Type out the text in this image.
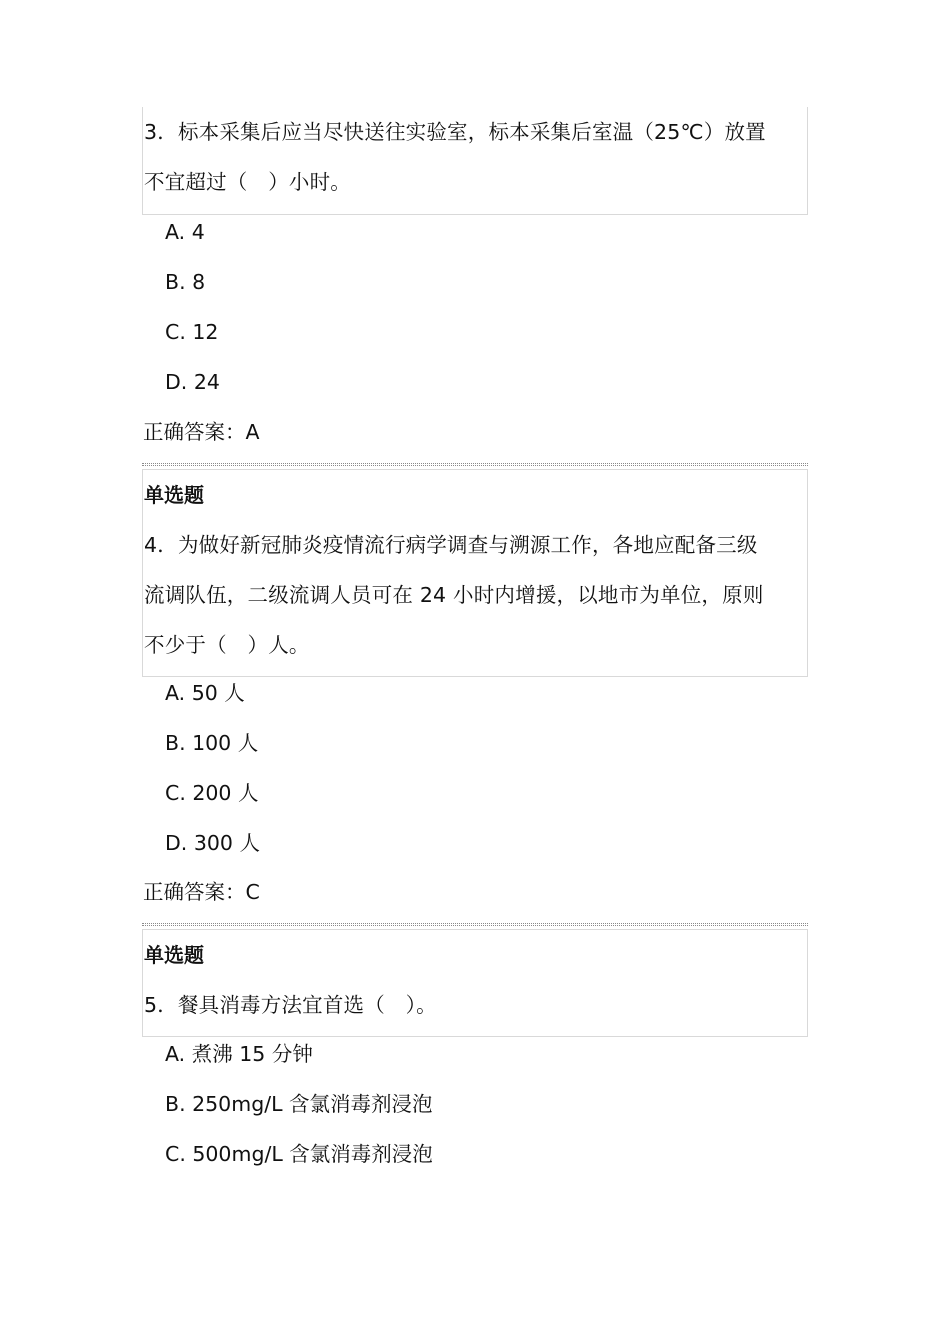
3．标本采集后应当尽快送往实验室，标本采集后室温（25℃）放置
不宜超过（　）小时。
A. 4
B. 8
C. 12
D. 24
正确答案：A
单选题
4．为做好新冠肺炎疫情流行病学调查与溯源工作，各地应配备三级
流调队伍，二级流调人员可在 24 小时内增援，以地市为单位，原则
不少于（　）人。
A. 50 人
B. 100 人
C. 200 人
D. 300 人
正确答案：C
单选题
5．餐具消毒方法宜首选（　）。
A. 煮沸 15 分钟
B. 250mg/L 含氯消毒剂浸泡
C. 500mg/L 含氯消毒剂浸泡
